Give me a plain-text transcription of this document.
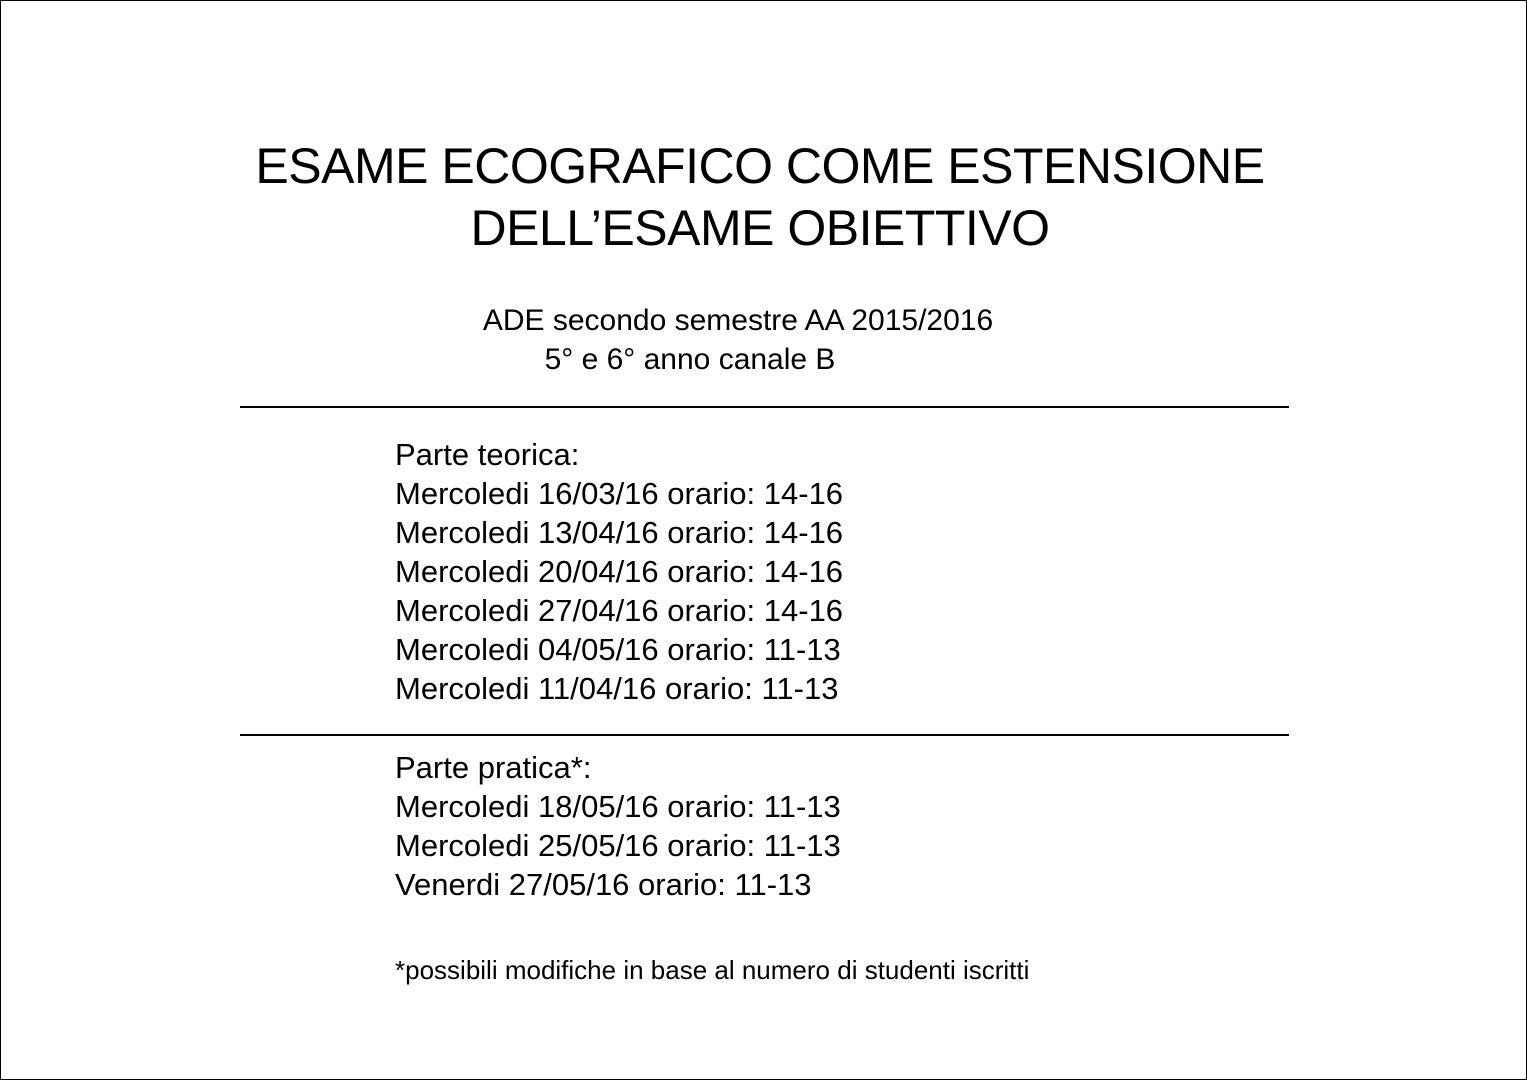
ESAME ECOGRAFICO COME ESTENSIONE
DELL’ESAME OBIETTIVO
ADE secondo semestre AA 2015/2016
5° e 6° anno canale B
Parte teorica:
Mercoledi 16/03/16 orario: 14-16
Mercoledi 13/04/16 orario: 14-16
Mercoledi 20/04/16 orario: 14-16
Mercoledi 27/04/16 orario: 14-16
Mercoledi 04/05/16 orario: 11-13
Mercoledi 11/04/16 orario: 11-13
Parte pratica*:
Mercoledi 18/05/16 orario: 11-13
Mercoledi 25/05/16 orario: 11-13
Venerdi 27/05/16 orario: 11-13
*possibili modifiche in base al numero di studenti iscritti
